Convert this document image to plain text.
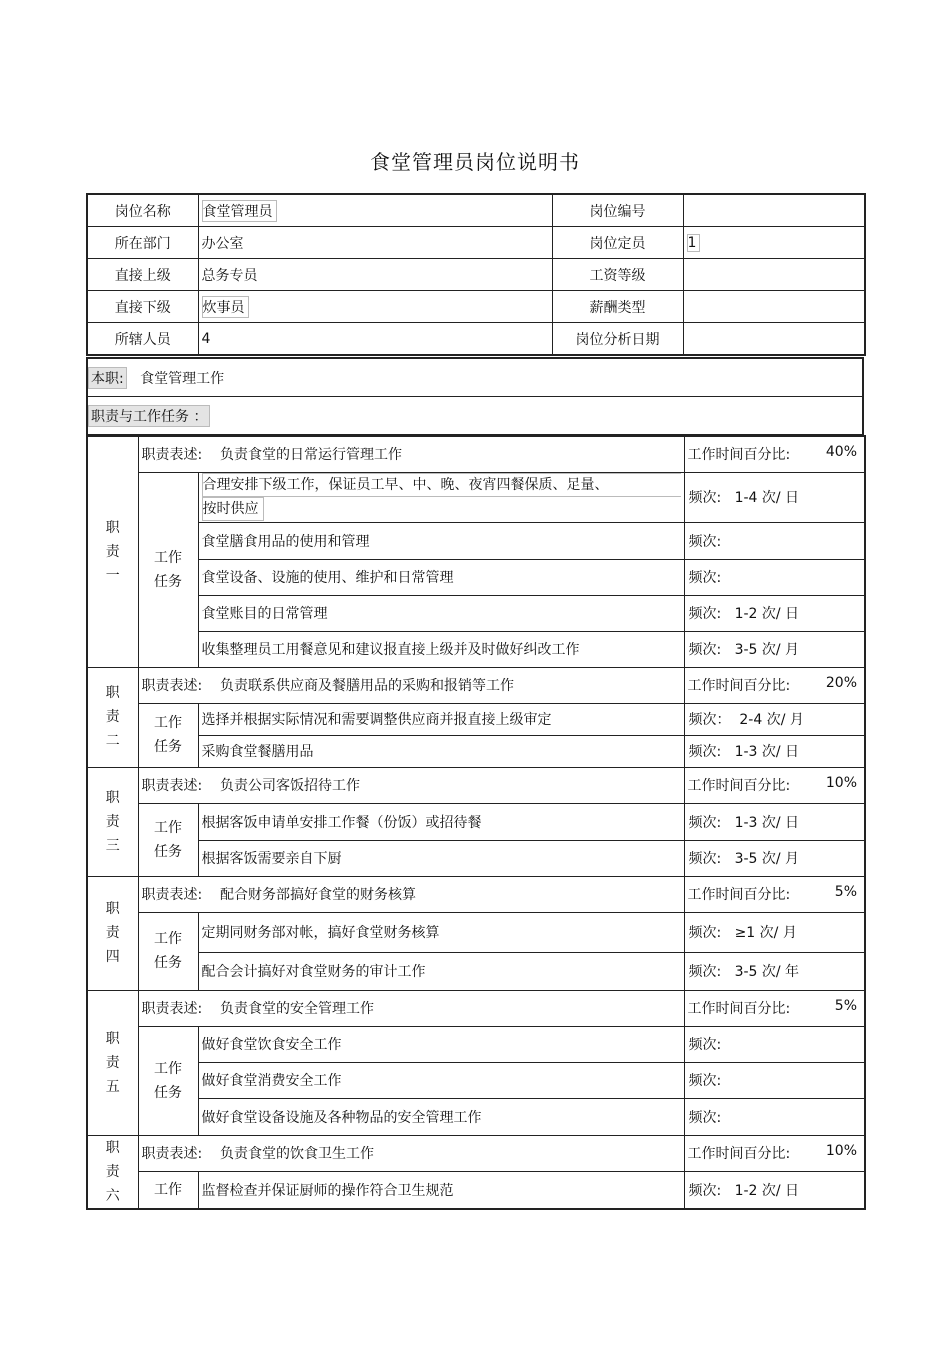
食堂管理员岗位说明书
岗位名称	食堂管理员	岗位编号	
所在部门	办公室	岗位定员	1
直接上级	总务专员	工资等级	
直接下级	炊事员	薪酬类型	
所辖人员	4	岗位分析日期	
本职: 食堂管理工作
职责与工作任务 ：
职
责
一	职责表述: 负责食堂的日常运行管理工作		工作时间百分比: 40%

	工作
任务	合理安排下级工作，保证员工早、中、晚、夜宵四餐保质、足量、
按时供应	频次:   1-4 次/ 日
		食堂膳食用品的使用和管理	频次:
		食堂设备、设施的使用、维护和日常管理	频次:
		食堂账目的日常管理	频次:   1-2 次/ 日
		收集整理员工用餐意见和建议报直接上级并及时做好纠改工作	频次:   3-5 次/ 月

职
责
二	职责表述: 负责联系供应商及餐膳用品的采购和报销等工作		工作时间百分比: 20%

	工作
任务	选择并根据实际情况和需要调整供应商并报直接上级审定	频次：  2-4 次/ 月
		采购食堂餐膳用品	频次:   1-3 次/ 日

职
责
三	职责表述: 负责公司客饭招待工作		工作时间百分比: 10%

	工作
任务	根据客饭申请单安排工作餐（份饭）或招待餐	频次:   1-3 次/ 日
		根据客饭需要亲自下厨	频次:   3-5 次/ 月

职
责
四	职责表述: 配合财务部搞好食堂的财务核算		工作时间百分比: 5%

	工作
任务	定期同财务部对帐，搞好食堂财务核算	频次:   ≥1 次/ 月
		配合会计搞好对食堂财务的审计工作	频次:   3-5 次/ 年

职
责
五	职责表述: 负责食堂的安全管理工作		工作时间百分比: 5%

	工作
任务	做好食堂饮食安全工作	频次:
		做好食堂消费安全工作	频次:
		做好食堂设备设施及各种物品的安全管理工作	频次:

职
责
六	职责表述: 负责食堂的饮食卫生工作		工作时间百分比: 10%

	工作	监督检查并保证厨师的操作符合卫生规范	频次:   1-2 次/ 日
